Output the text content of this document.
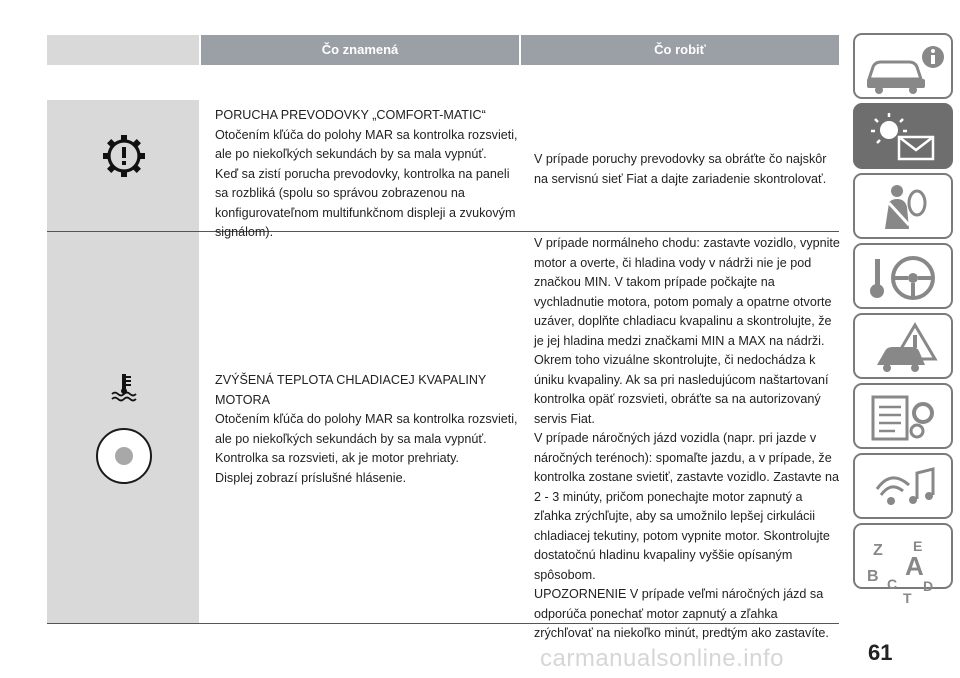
Čo znamená	Čo robiť

PORUCHA PREVODOVKY „COMFORT-MATIC“

Otočením kľúča do polohy MAR sa kontrolka rozsvieti,

ale po niekoľkých sekundách by sa mala vypnúť.

Keď sa zistí porucha prevodovky, kontrolka na paneli

sa rozbliká (spolu so správou zobrazenou na

konfigurovateľnom multifunkčnom displeji a zvukovým

signálom).

V prípade poruchy prevodovky sa obráťte čo najskôr

na servisnú sieť Fiat a dajte zariadenie skontrolovať.

ZVÝŠENÁ TEPLOTA CHLADIACEJ KVAPALINY

MOTORA

Otočením kľúča do polohy MAR sa kontrolka rozsvieti,

ale po niekoľkých sekundách by sa mala vypnúť.

Kontrolka sa rozsvieti, ak je motor prehriaty.

Displej zobrazí príslušné hlásenie.

V prípade normálneho chodu: zastavte vozidlo, vypnite

motor a overte, či hladina vody v nádrži nie je pod

značkou MIN. V takom prípade počkajte na

vychladnutie motora, potom pomaly a opatrne otvorte

uzáver, doplňte chladiacu kvapalinu a skontrolujte, že

je jej hladina medzi značkami MIN a MAX na nádrži.

Okrem toho vizuálne skontrolujte, či nedochádza k

úniku kvapaliny. Ak sa pri nasledujúcom naštartovaní

kontrolka opäť rozsvieti, obráťte sa na autorizovaný

servis Fiat.

V prípade náročných jázd vozidla (napr. pri jazde v

náročných terénoch): spomaľte jazdu, a v prípade, že

kontrolka zostane svietiť, zastavte vozidlo. Zastavte na

2 - 3 minúty, pričom ponechajte motor zapnutý a

zľahka zrýchľujte, aby sa umožnilo lepšej cirkulácii

chladiacej tekutiny, potom vypnite motor. Skontrolujte

dostatočnú hladinu kvapaliny vyššie opísaným

spôsobom.

UPOZORNENIE V prípade veľmi náročných jázd sa

odporúča ponechať motor zapnutý a zľahka

zrýchľovať na niekoľko minút, predtým ako zastavíte.

Z E
B A
C D
T
carmanualsonline.info	61
